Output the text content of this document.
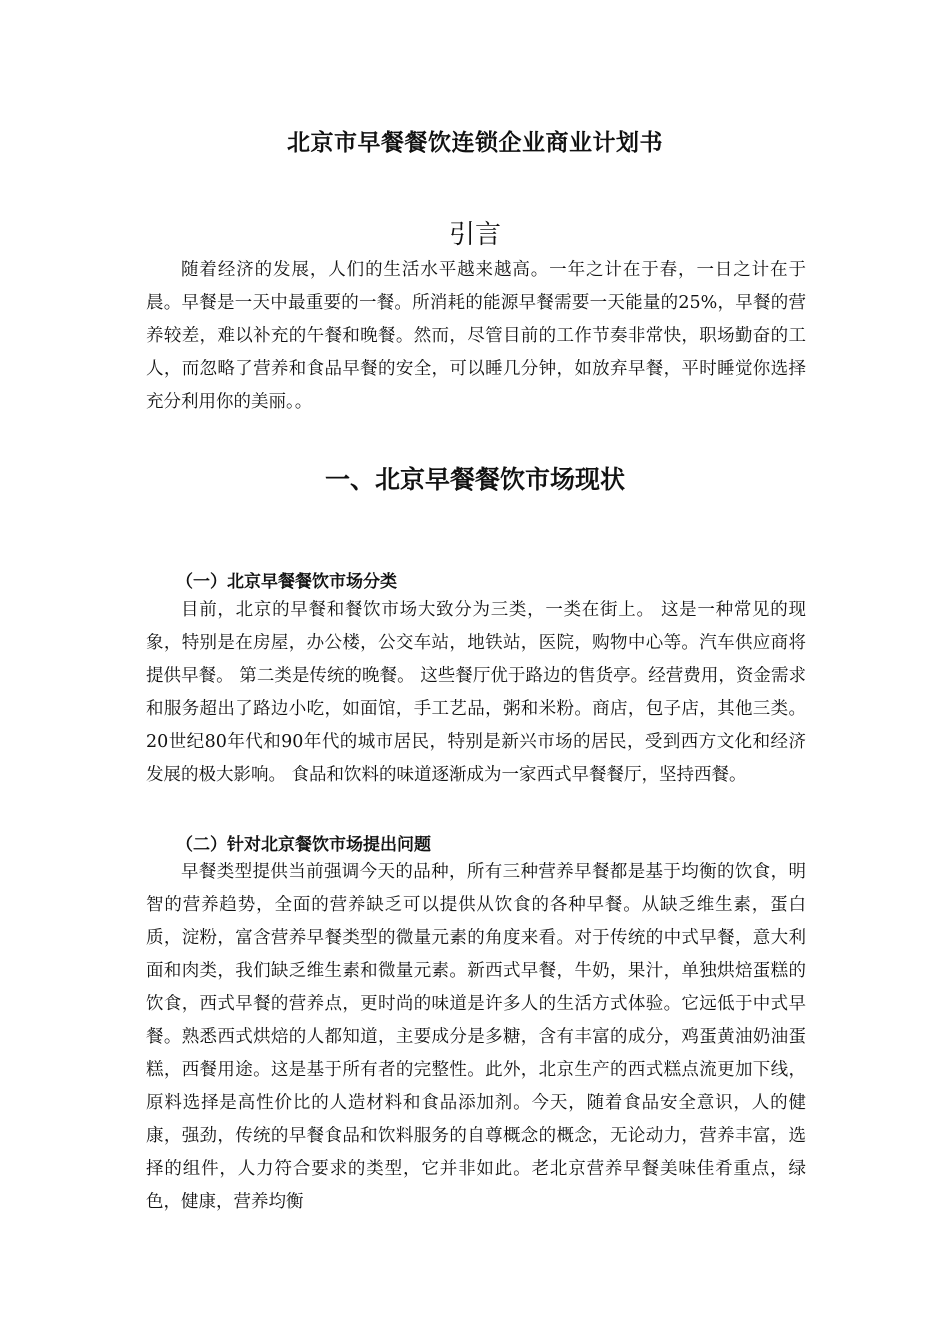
北京市早餐餐饮连锁企业商业计划书
引言

随着经济的发展，人们的生活水平越来越高。一年之计在于春，一日之计在于晨。早餐是一天中最重要的一餐。所消耗的能源早餐需要一天能量的25%，早餐的营养较差，难以补充的午餐和晚餐。然而，尽管目前的工作节奏非常快，职场勤奋的工人，而忽略了营养和食品早餐的安全，可以睡几分钟，如放弃早餐，平时睡觉你选择充分利用你的美丽。。

一、北京早餐餐饮市场现状
（一）北京早餐餐饮市场分类

目前，北京的早餐和餐饮市场大致分为三类，一类在街上。 这是一种常见的现象，特别是在房屋，办公楼，公交车站，地铁站，医院，购物中心等。汽车供应商将提供早餐。 第二类是传统的晚餐。 这些餐厅优于路边的售货亭。经营费用，资金需求和服务超出了路边小吃，如面馆，手工艺品，粥和米粉。商店，包子店，其他三类。 20世纪80年代和90年代的城市居民，特别是新兴市场的居民，受到西方文化和经济发展的极大影响。 食品和饮料的味道逐渐成为一家西式早餐餐厅，坚持西餐。

（二）针对北京餐饮市场提出问题

早餐类型提供当前强调今天的品种，所有三种营养早餐都是基于均衡的饮食，明智的营养趋势，全面的营养缺乏可以提供从饮食的各种早餐。从缺乏维生素，蛋白质，淀粉，富含营养早餐类型的微量元素的角度来看。对于传统的中式早餐，意大利面和肉类，我们缺乏维生素和微量元素。新西式早餐，牛奶，果汁，单独烘焙蛋糕的饮食，西式早餐的营养点，更时尚的味道是许多人的生活方式体验。它远低于中式早餐。熟悉西式烘焙的人都知道，主要成分是多糖，含有丰富的成分，鸡蛋黄油奶油蛋糕，西餐用途。这是基于所有者的完整性。此外，北京生产的西式糕点流更加下线，原料选择是高性价比的人造材料和食品添加剂。今天，随着食品安全意识，人的健康，强劲，传统的早餐食品和饮料服务的自尊概念的概念，无论动力，营养丰富，选择的组件，人力符合要求的类型，它并非如此。老北京营养早餐美味佳肴重点，绿色，健康，营养均衡
